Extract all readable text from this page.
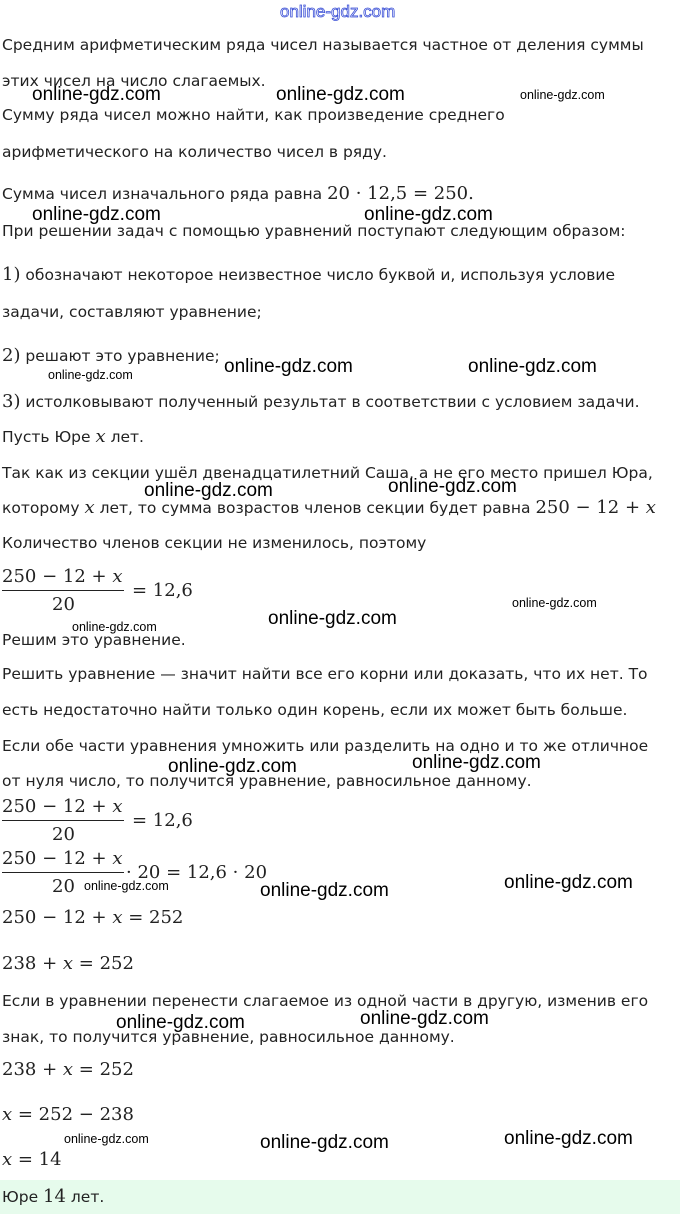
online-gdz.com
Средним арифметическим ряда чисел называется частное от деления суммы
этих чисел на число слагаемых.
Сумму ряда чисел можно найти, как произведение среднего
арифметического на количество чисел в ряду.
Сумма чисел изначального ряда равна 20 · 12,5 = 250.
При решении задач с помощью уравнений поступают следующим образом:
1) обозначают некоторое неизвестное число буквой и, используя условие
задачи, составляют уравнение;
2) решают это уравнение;
3) истолковывают полученный результат в соответствии с условием задачи.
Пусть Юре x лет.
Так как из секции ушёл двенадцатилетний Саша, а не его место пришел Юра,
которому x лет, то сумма возрастов членов секции будет равна 250 − 12 + x
Количество членов секции не изменилось, поэтому
250 − 12 + x
20
= 12,6
Решим это уравнение.
Решить уравнение — значит найти все его корни или доказать, что их нет. То
есть недостаточно найти только один корень, если их может быть больше.
Если обе части уравнения умножить или разделить на одно и то же отличное
от нуля число, то получится уравнение, равносильное данному.
250 − 12 + x
20
= 12,6
250 − 12 + x
20
· 20 = 12,6 · 20
250 − 12 + x = 252
238 + x = 252
Если в уравнении перенести слагаемое из одной части в другую, изменив его
знак, то получится уравнение, равносильное данному.
238 + x = 252
x = 252 − 238
x = 14
Юре 14 лет.
online-gdz.com	online-gdz.com	online-gdz.com
online-gdz.com	online-gdz.com
online-gdz.com	online-gdz.com
online-gdz.com
online-gdz.com	online-gdz.com
online-gdz.com
online-gdz.com
online-gdz.com
online-gdz.com	online-gdz.com
online-gdz.com	online-gdz.com
online-gdz.com
online-gdz.com	online-gdz.com
online-gdz.com	online-gdz.com	online-gdz.com
